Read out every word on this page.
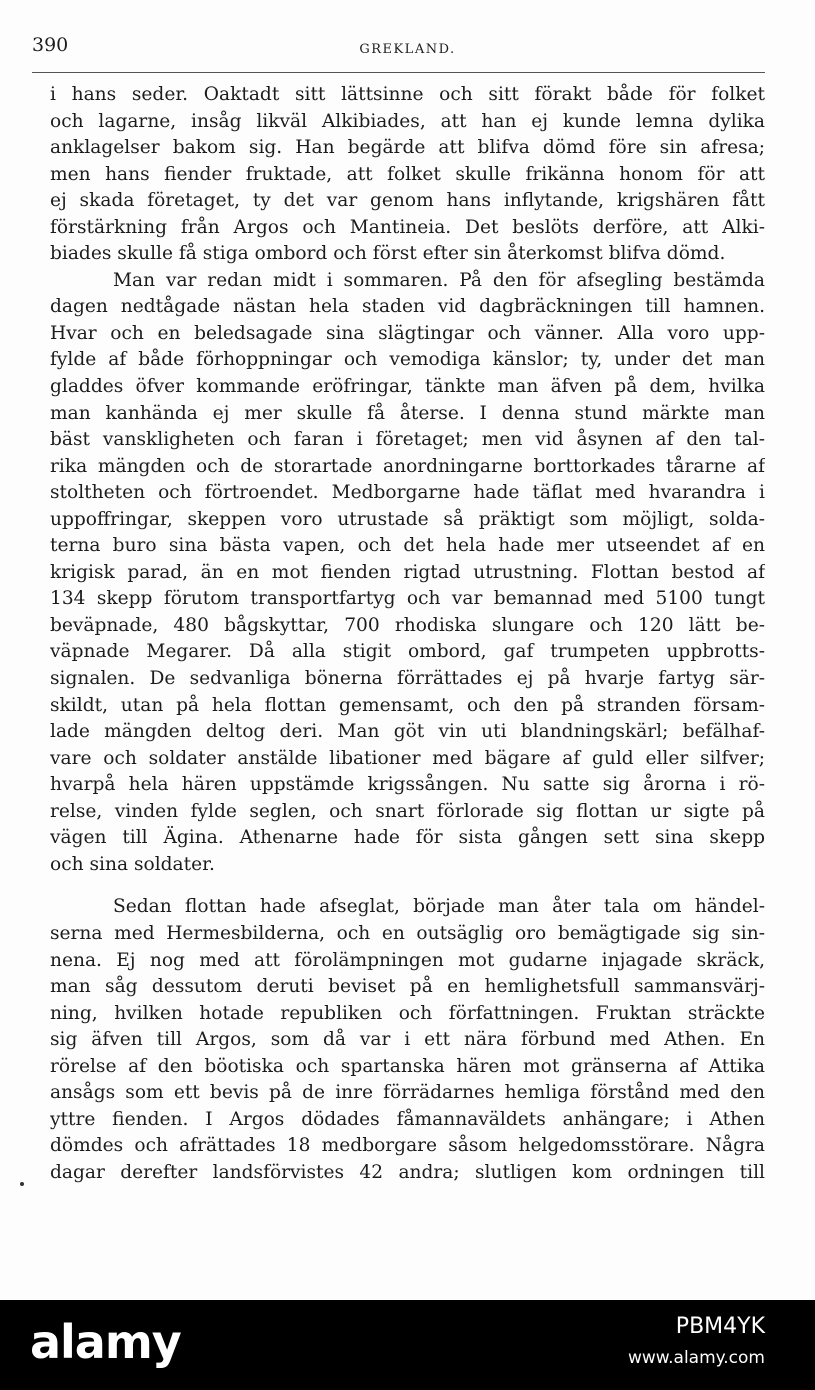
390	GREKLAND.
i hans seder. Oaktadt sitt lättsinne och sitt förakt både för folket
och lagarne, insåg likväl Alkibiades, att han ej kunde lemna dylika
anklagelser bakom sig. Han begärde att blifva dömd före sin afresa;
men hans fiender fruktade, att folket skulle frikänna honom för att
ej skada företaget, ty det var genom hans inflytande, krigshären fått
förstärkning från Argos och Mantineia. Det beslöts derföre, att Alki-
biades skulle få stiga ombord och först efter sin återkomst blifva dömd.
Man var redan midt i sommaren. På den för afsegling bestämda
dagen nedtågade nästan hela staden vid dagbräckningen till hamnen.
Hvar och en beledsagade sina slägtingar och vänner. Alla voro upp-
fylde af både förhoppningar och vemodiga känslor; ty, under det man
gladdes öfver kommande eröfringar, tänkte man äfven på dem, hvilka
man kanhända ej mer skulle få återse. I denna stund märkte man
bäst vanskligheten och faran i företaget; men vid åsynen af den tal-
rika mängden och de storartade anordningarne borttorkades tårarne af
stoltheten och förtroendet. Medborgarne hade täflat med hvarandra i
uppoffringar, skeppen voro utrustade så präktigt som möjligt, solda-
terna buro sina bästa vapen, och det hela hade mer utseendet af en
krigisk parad, än en mot fienden rigtad utrustning. Flottan bestod af
134 skepp förutom transportfartyg och var bemannad med 5100 tungt
beväpnade, 480 bågskyttar, 700 rhodiska slungare och 120 lätt be-
väpnade Megarer. Då alla stigit ombord, gaf trumpeten uppbrotts-
signalen. De sedvanliga bönerna förrättades ej på hvarje fartyg sär-
skildt, utan på hela flottan gemensamt, och den på stranden försam-
lade mängden deltog deri. Man göt vin uti blandningskärl; befälhaf-
vare och soldater anstälde libationer med bägare af guld eller silfver;
hvarpå hela hären uppstämde krigssången. Nu satte sig årorna i rö-
relse, vinden fylde seglen, och snart förlorade sig flottan ur sigte på
vägen till Ägina. Athenarne hade för sista gången sett sina skepp
och sina soldater.
Sedan flottan hade afseglat, började man åter tala om händel-
serna med Hermesbilderna, och en outsäglig oro bemägtigade sig sin-
nena. Ej nog med att förolämpningen mot gudarne injagade skräck,
man såg dessutom deruti beviset på en hemlighetsfull sammansvärj-
ning, hvilken hotade republiken och författningen. Fruktan sträckte
sig äfven till Argos, som då var i ett nära förbund med Athen. En
rörelse af den böotiska och spartanska hären mot gränserna af Attika
ansågs som ett bevis på de inre förrädarnes hemliga förstånd med den
yttre fienden. I Argos dödades fåmannaväldets anhängare; i Athen
dömdes och afrättades 18 medborgare såsom helgedomsstörare. Några
dagar derefter landsförvistes 42 andra; slutligen kom ordningen till
alamy	PBM4YK
www.alamy.com
